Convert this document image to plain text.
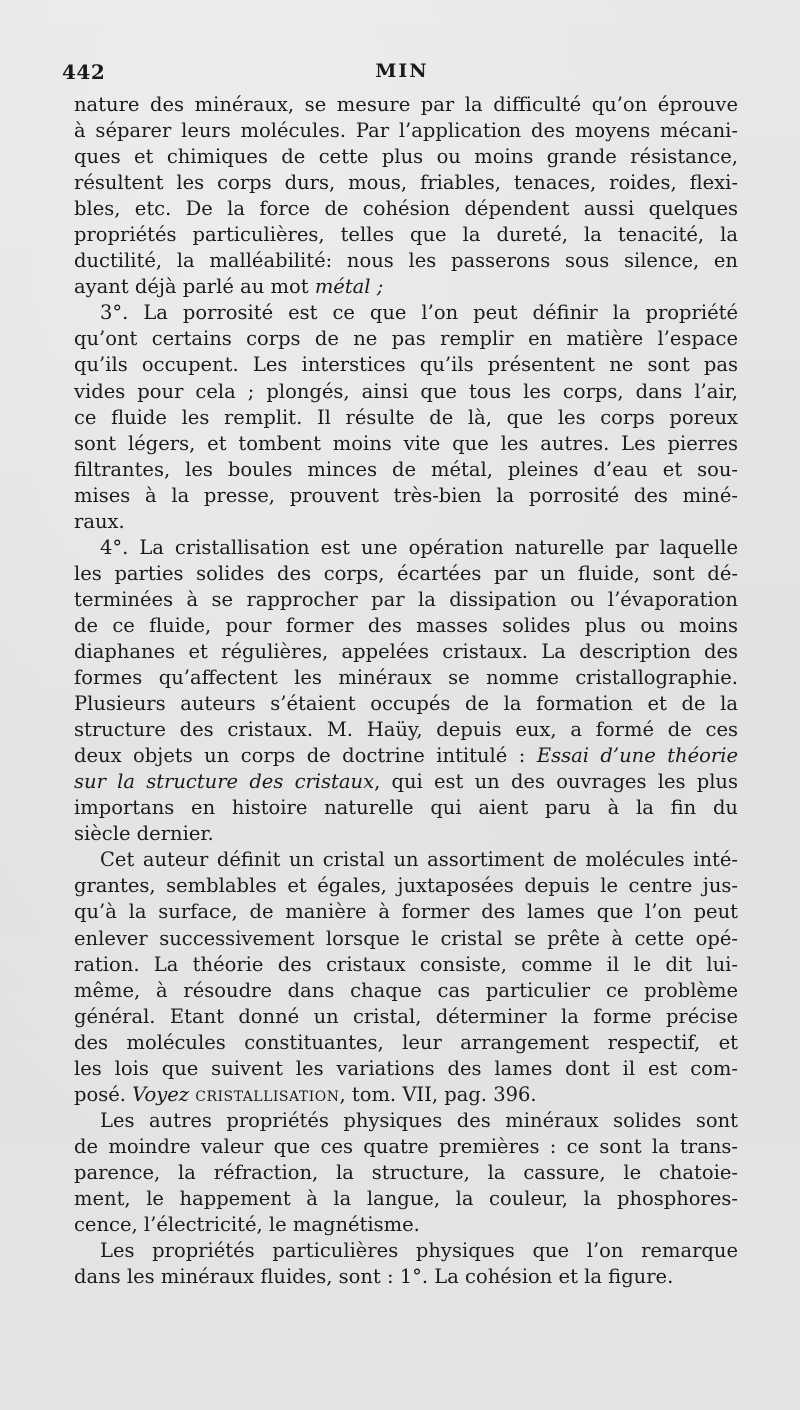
442	MIN
nature des minéraux, se mesure par la difficulté qu’on éprouve
à séparer leurs molécules. Par l’application des moyens mécani-
ques et chimiques de cette plus ou moins grande résistance,
résultent les corps durs, mous, friables, tenaces, roides, flexi-
bles, etc. De la force de cohésion dépendent aussi quelques
propriétés particulières, telles que la dureté, la tenacité, la
ductilité, la malléabilité: nous les passerons sous silence, en
ayant déjà parlé au mot métal ;
3°. La porrosité est ce que l’on peut définir la propriété
qu’ont certains corps de ne pas remplir en matière l’espace
qu’ils occupent. Les interstices qu’ils présentent ne sont pas
vides pour cela ; plongés, ainsi que tous les corps, dans l’air,
ce fluide les remplit. Il résulte de là, que les corps poreux
sont légers, et tombent moins vite que les autres. Les pierres
filtrantes, les boules minces de métal, pleines d’eau et sou-
mises à la presse, prouvent très-bien la porrosité des miné-
raux.
4°. La cristallisation est une opération naturelle par laquelle
les parties solides des corps, écartées par un fluide, sont dé-
terminées à se rapprocher par la dissipation ou l’évaporation
de ce fluide, pour former des masses solides plus ou moins
diaphanes et régulières, appelées cristaux. La description des
formes qu’affectent les minéraux se nomme cristallographie.
Plusieurs auteurs s’étaient occupés de la formation et de la
structure des cristaux. M. Haüy, depuis eux, a formé de ces
deux objets un corps de doctrine intitulé : Essai d’une théorie
sur la structure des cristaux, qui est un des ouvrages les plus
importans en histoire naturelle qui aient paru à la fin du
siècle dernier.
Cet auteur définit un cristal un assortiment de molécules inté-
grantes, semblables et égales, juxtaposées depuis le centre jus-
qu’à la surface, de manière à former des lames que l’on peut
enlever successivement lorsque le cristal se prête à cette opé-
ration. La théorie des cristaux consiste, comme il le dit lui-
même, à résoudre dans chaque cas particulier ce problème
général. Etant donné un cristal, déterminer la forme précise
des molécules constituantes, leur arrangement respectif, et
les lois que suivent les variations des lames dont il est com-
posé. Voyez cristallisation, tom. VII, pag. 396.
Les autres propriétés physiques des minéraux solides sont
de moindre valeur que ces quatre premières : ce sont la trans-
parence, la réfraction, la structure, la cassure, le chatoie-
ment, le happement à la langue, la couleur, la phosphores-
cence, l’électricité, le magnétisme.
Les propriétés particulières physiques que l’on remarque
dans les minéraux fluides, sont : 1°. La cohésion et la figure.
